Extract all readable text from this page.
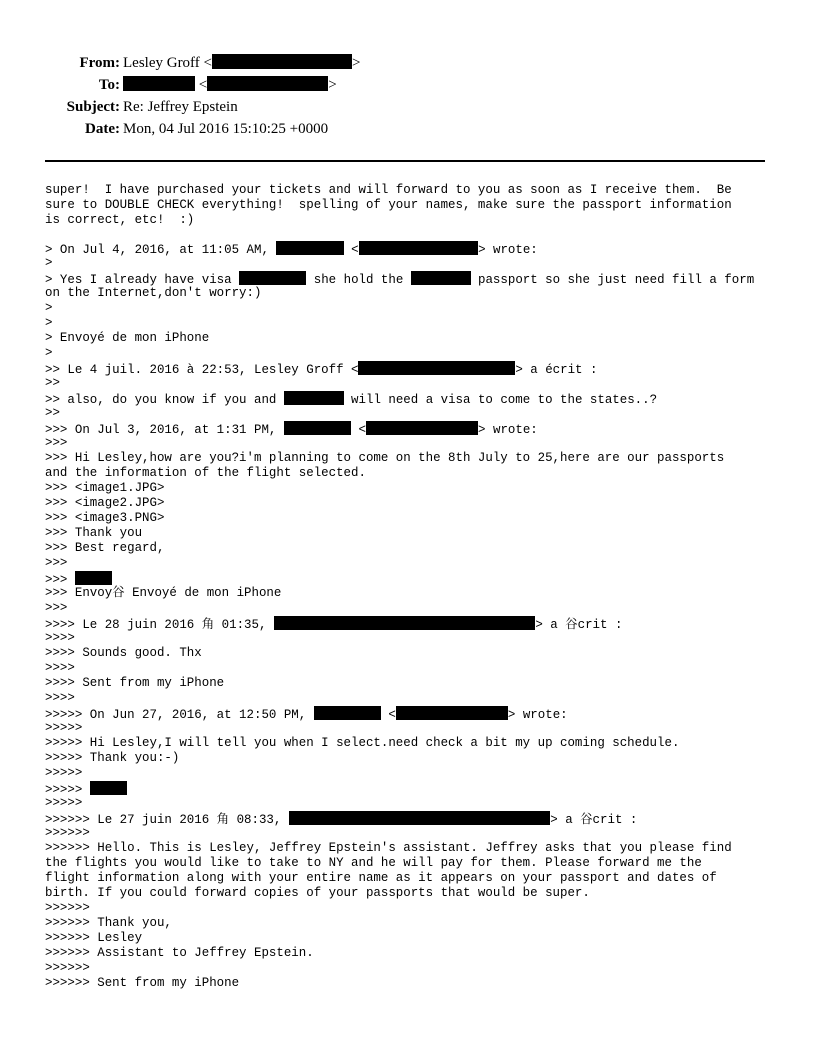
From: Lesley Groff <	>
To:	<	>
Subject: Re: Jeffrey Epstein
Date: Mon, 04 Jul 2016 15:10:25 +0000
super!  I have purchased your tickets and will forward to you as soon as I receive them.  Be
sure to DOUBLE CHECK everything!  spelling of your names, make sure the passport information
is correct, etc!  :)
> On Jul 4, 2016, at 11:05 AM,	<	> wrote:
>
> Yes I already have visa	she hold the	passport so she just need fill a form
on the Internet,don't worry:)
>
>
> Envoyé de mon iPhone
>
>> Le 4 juil. 2016 à 22:53, Lesley Groff <	> a écrit :
>>
>> also, do you know if you and	will need a visa to come to the states..?
>>
>>> On Jul 3, 2016, at 1:31 PM,	<	> wrote:
>>>
>>> Hi Lesley,how are you?i'm planning to come on the 8th July to 25,here are our passports
and the information of the flight selected.
>>> <image1.JPG>
>>> <image2.JPG>
>>> <image3.PNG>
>>> Thank you
>>> Best regard,
>>>
>>>
>>> Envoy谷 Envoyé de mon iPhone
>>>
>>>> Le 28 juin 2016 角 01:35,	> a 谷crit :
>>>>
>>>> Sounds good. Thx
>>>>
>>>> Sent from my iPhone
>>>>
>>>>> On Jun 27, 2016, at 12:50 PM,	<	> wrote:
>>>>>
>>>>> Hi Lesley,I will tell you when I select.need check a bit my up coming schedule.
>>>>> Thank you:-)
>>>>>
>>>>>
>>>>>
>>>>>> Le 27 juin 2016 角 08:33,	> a 谷crit :
>>>>>>
>>>>>> Hello. This is Lesley, Jeffrey Epstein's assistant. Jeffrey asks that you please find
the flights you would like to take to NY and he will pay for them. Please forward me the
flight information along with your entire name as it appears on your passport and dates of
birth. If you could forward copies of your passports that would be super.
>>>>>>
>>>>>> Thank you,
>>>>>> Lesley
>>>>>> Assistant to Jeffrey Epstein.
>>>>>>
>>>>>> Sent from my iPhone
